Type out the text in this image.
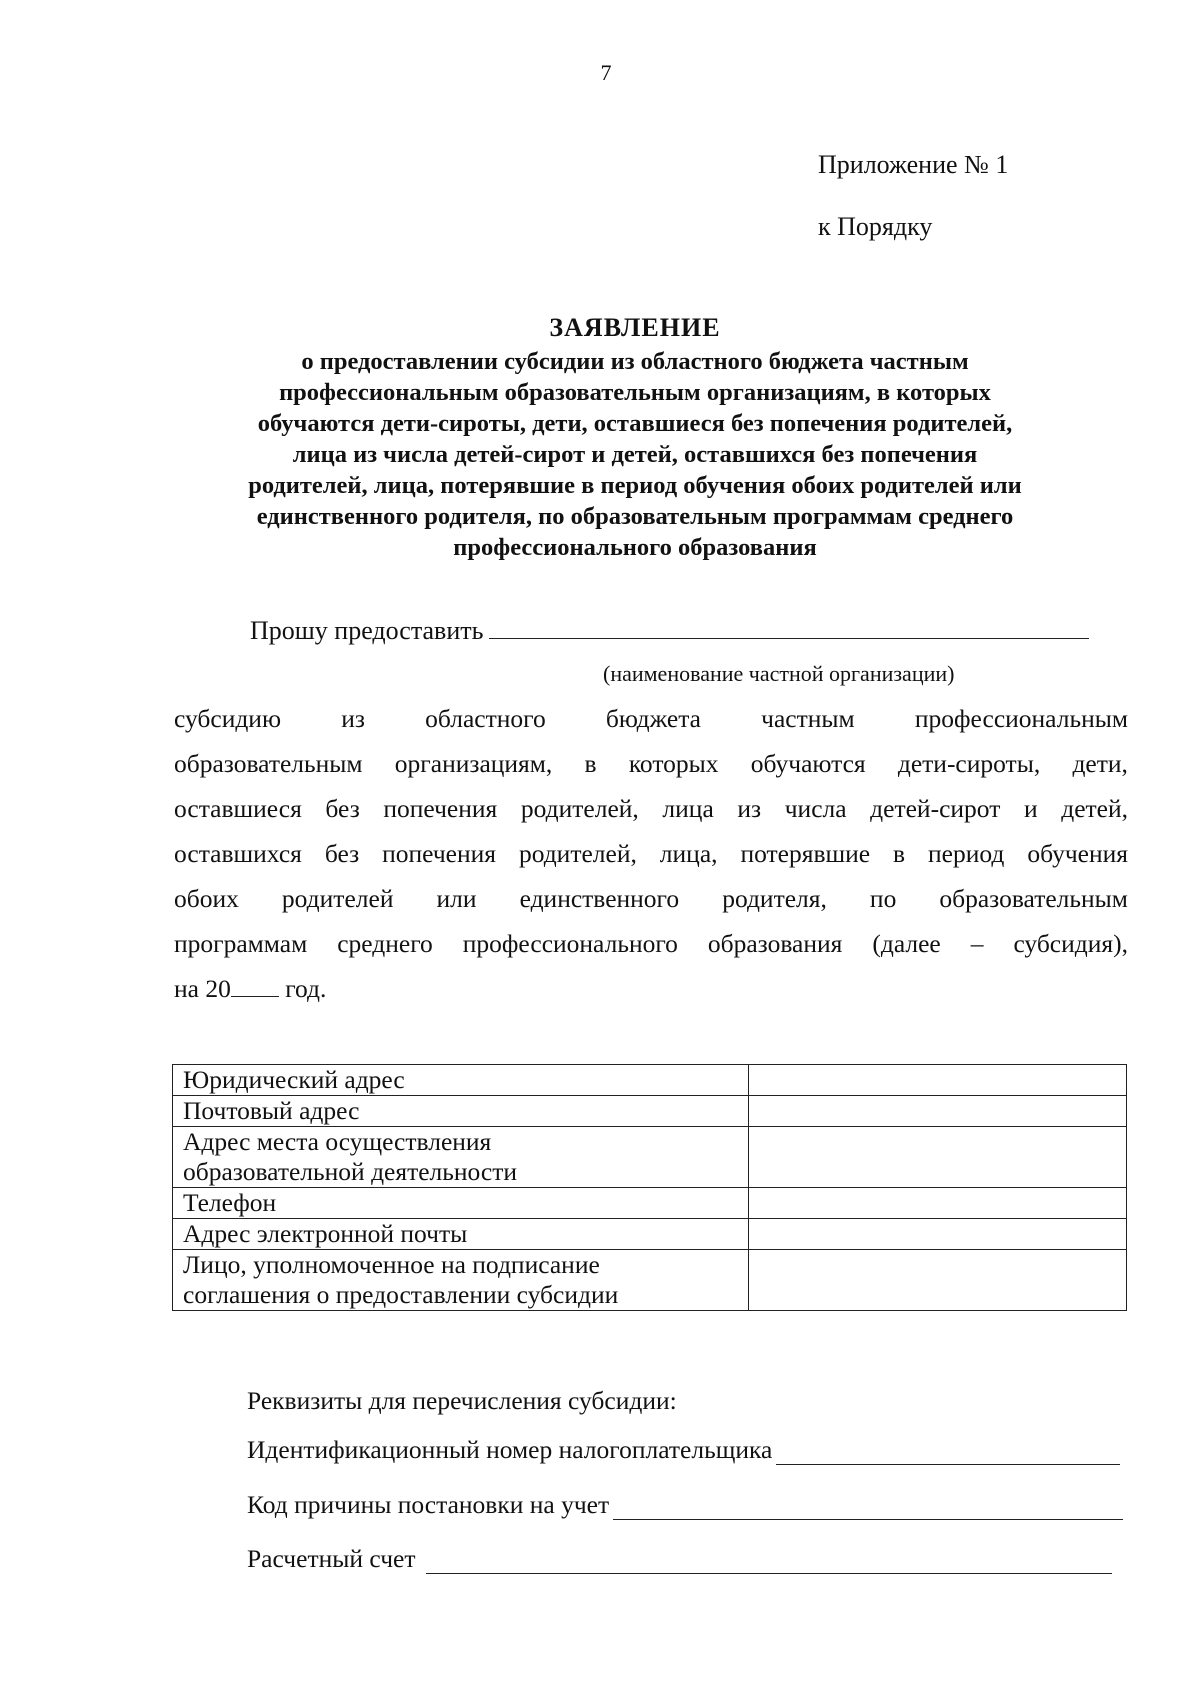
7
Приложение № 1
к Порядку
ЗАЯВЛЕНИЕ
о предоставлении субсидии из областного бюджета частным
профессиональным образовательным организациям, в которых
обучаются дети-сироты, дети, оставшиеся без попечения родителей,
лица из числа детей-сирот и детей, оставшихся без попечения
родителей, лица, потерявшие в период обучения обоих родителей или
единственного родителя, по образовательным программам среднего
профессионального образования
Прошу предоставить
(наименование частной организации)
субсидию из областного бюджета частным профессиональным
образовательным организациям, в которых обучаются дети-сироты, дети,
оставшиеся без попечения родителей, лица из числа детей-сирот и детей,
оставшихся без попечения родителей, лица, потерявшие в период обучения
обоих родителей или единственного родителя, по образовательным
программам среднего профессионального образования (далее – субсидия),
на 20 год.
Юридический адрес	

Почтовый адрес	

Адрес места осуществления
образовательной деятельности	

Телефон	

Адрес электронной почты	

Лицо, уполномоченное на подписание
соглашения о предоставлении субсидии	

Реквизиты для перечисления субсидии:
Идентификационный номер налогоплательщика
Код причины постановки на учет
Расчетный счет
